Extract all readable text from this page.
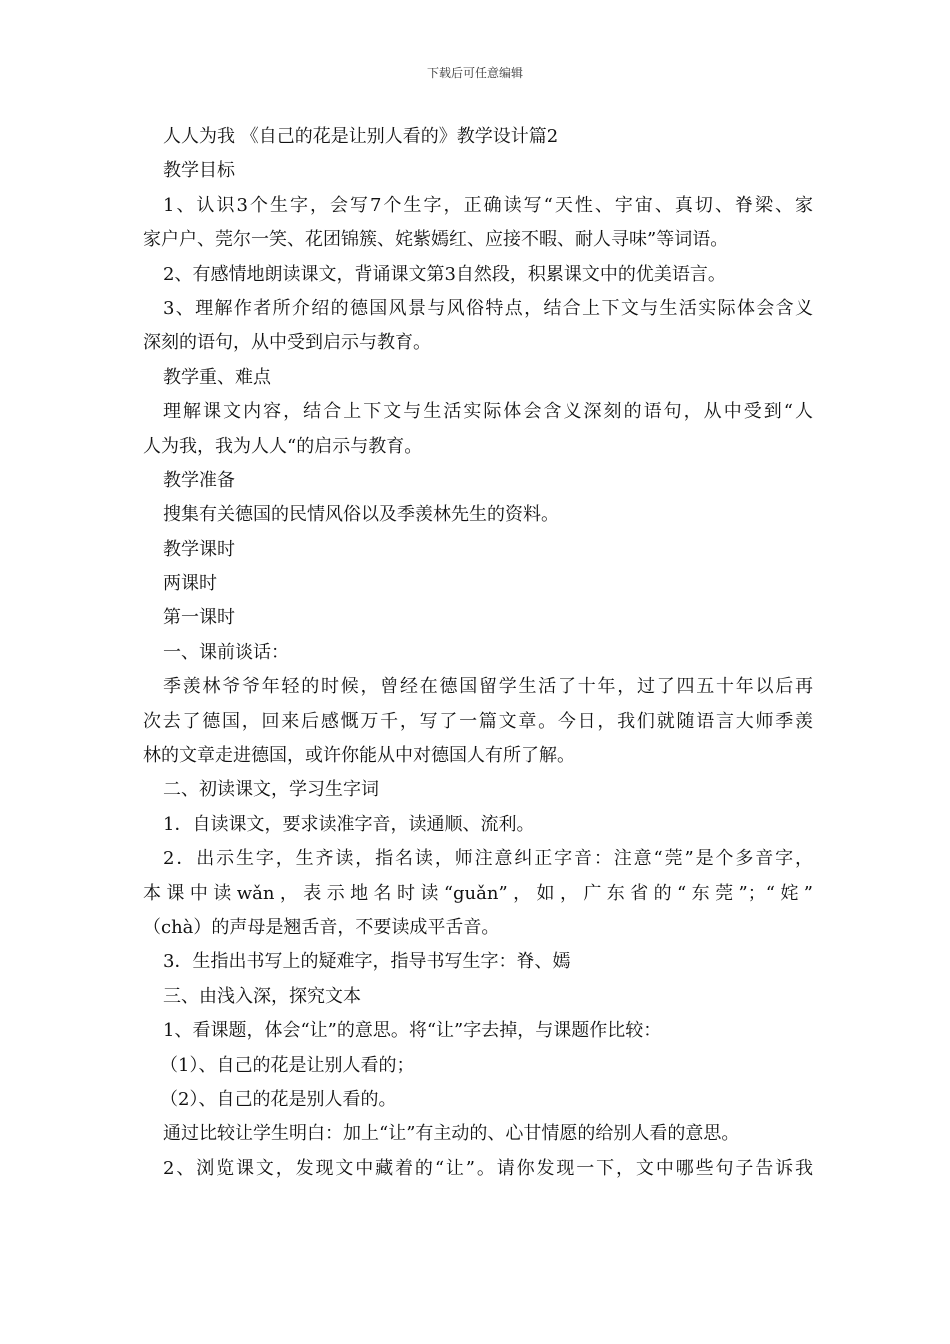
下载后可任意编辑
人人为我 《自己的花是让别人看的》教学设计篇2
教学目标
1、认识3个生字，会写7个生字，正确读写“天性、宇宙、真切、脊梁、家
家户户、莞尔一笑、花团锦簇、姹紫嫣红、应接不暇、耐人寻味”等词语。
2、有感情地朗读课文，背诵课文第3自然段，积累课文中的优美语言。
3、理解作者所介绍的德国风景与风俗特点，结合上下文与生活实际体会含义
深刻的语句，从中受到启示与教育。
教学重、难点
理解课文内容，结合上下文与生活实际体会含义深刻的语句，从中受到“人
人为我，我为人人“的启示与教育。
教学准备
搜集有关德国的民情风俗以及季羡林先生的资料。
教学课时
两课时
第一课时
一、课前谈话：
季羡林爷爷年轻的时候，曾经在德国留学生活了十年，过了四五十年以后再
次去了德国，回来后感慨万千，写了一篇文章。今日，我们就随语言大师季羡
林的文章走进德国，或许你能从中对德国人有所了解。
二、初读课文，学习生字词
1．自读课文，要求读准字音，读通顺、流利。
2．出示生字，生齐读，指名读，师注意纠正字音：注意“莞”是个多音字，
本课中读wǎn，表示地名时读“guǎn”，如，广东省的“东莞”；“姹”
（chà）的声母是翘舌音，不要读成平舌音。
3．生指出书写上的疑难字，指导书写生字：脊、嫣
三、由浅入深，探究文本
1、看课题，体会“让”的意思。将“让”字去掉，与课题作比较：
（1）、自己的花是让别人看的；
（2）、自己的花是别人看的。
通过比较让学生明白：加上“让”有主动的、心甘情愿的给别人看的意思。
2、浏览课文，发现文中藏着的“让”。请你发现一下，文中哪些句子告诉我
